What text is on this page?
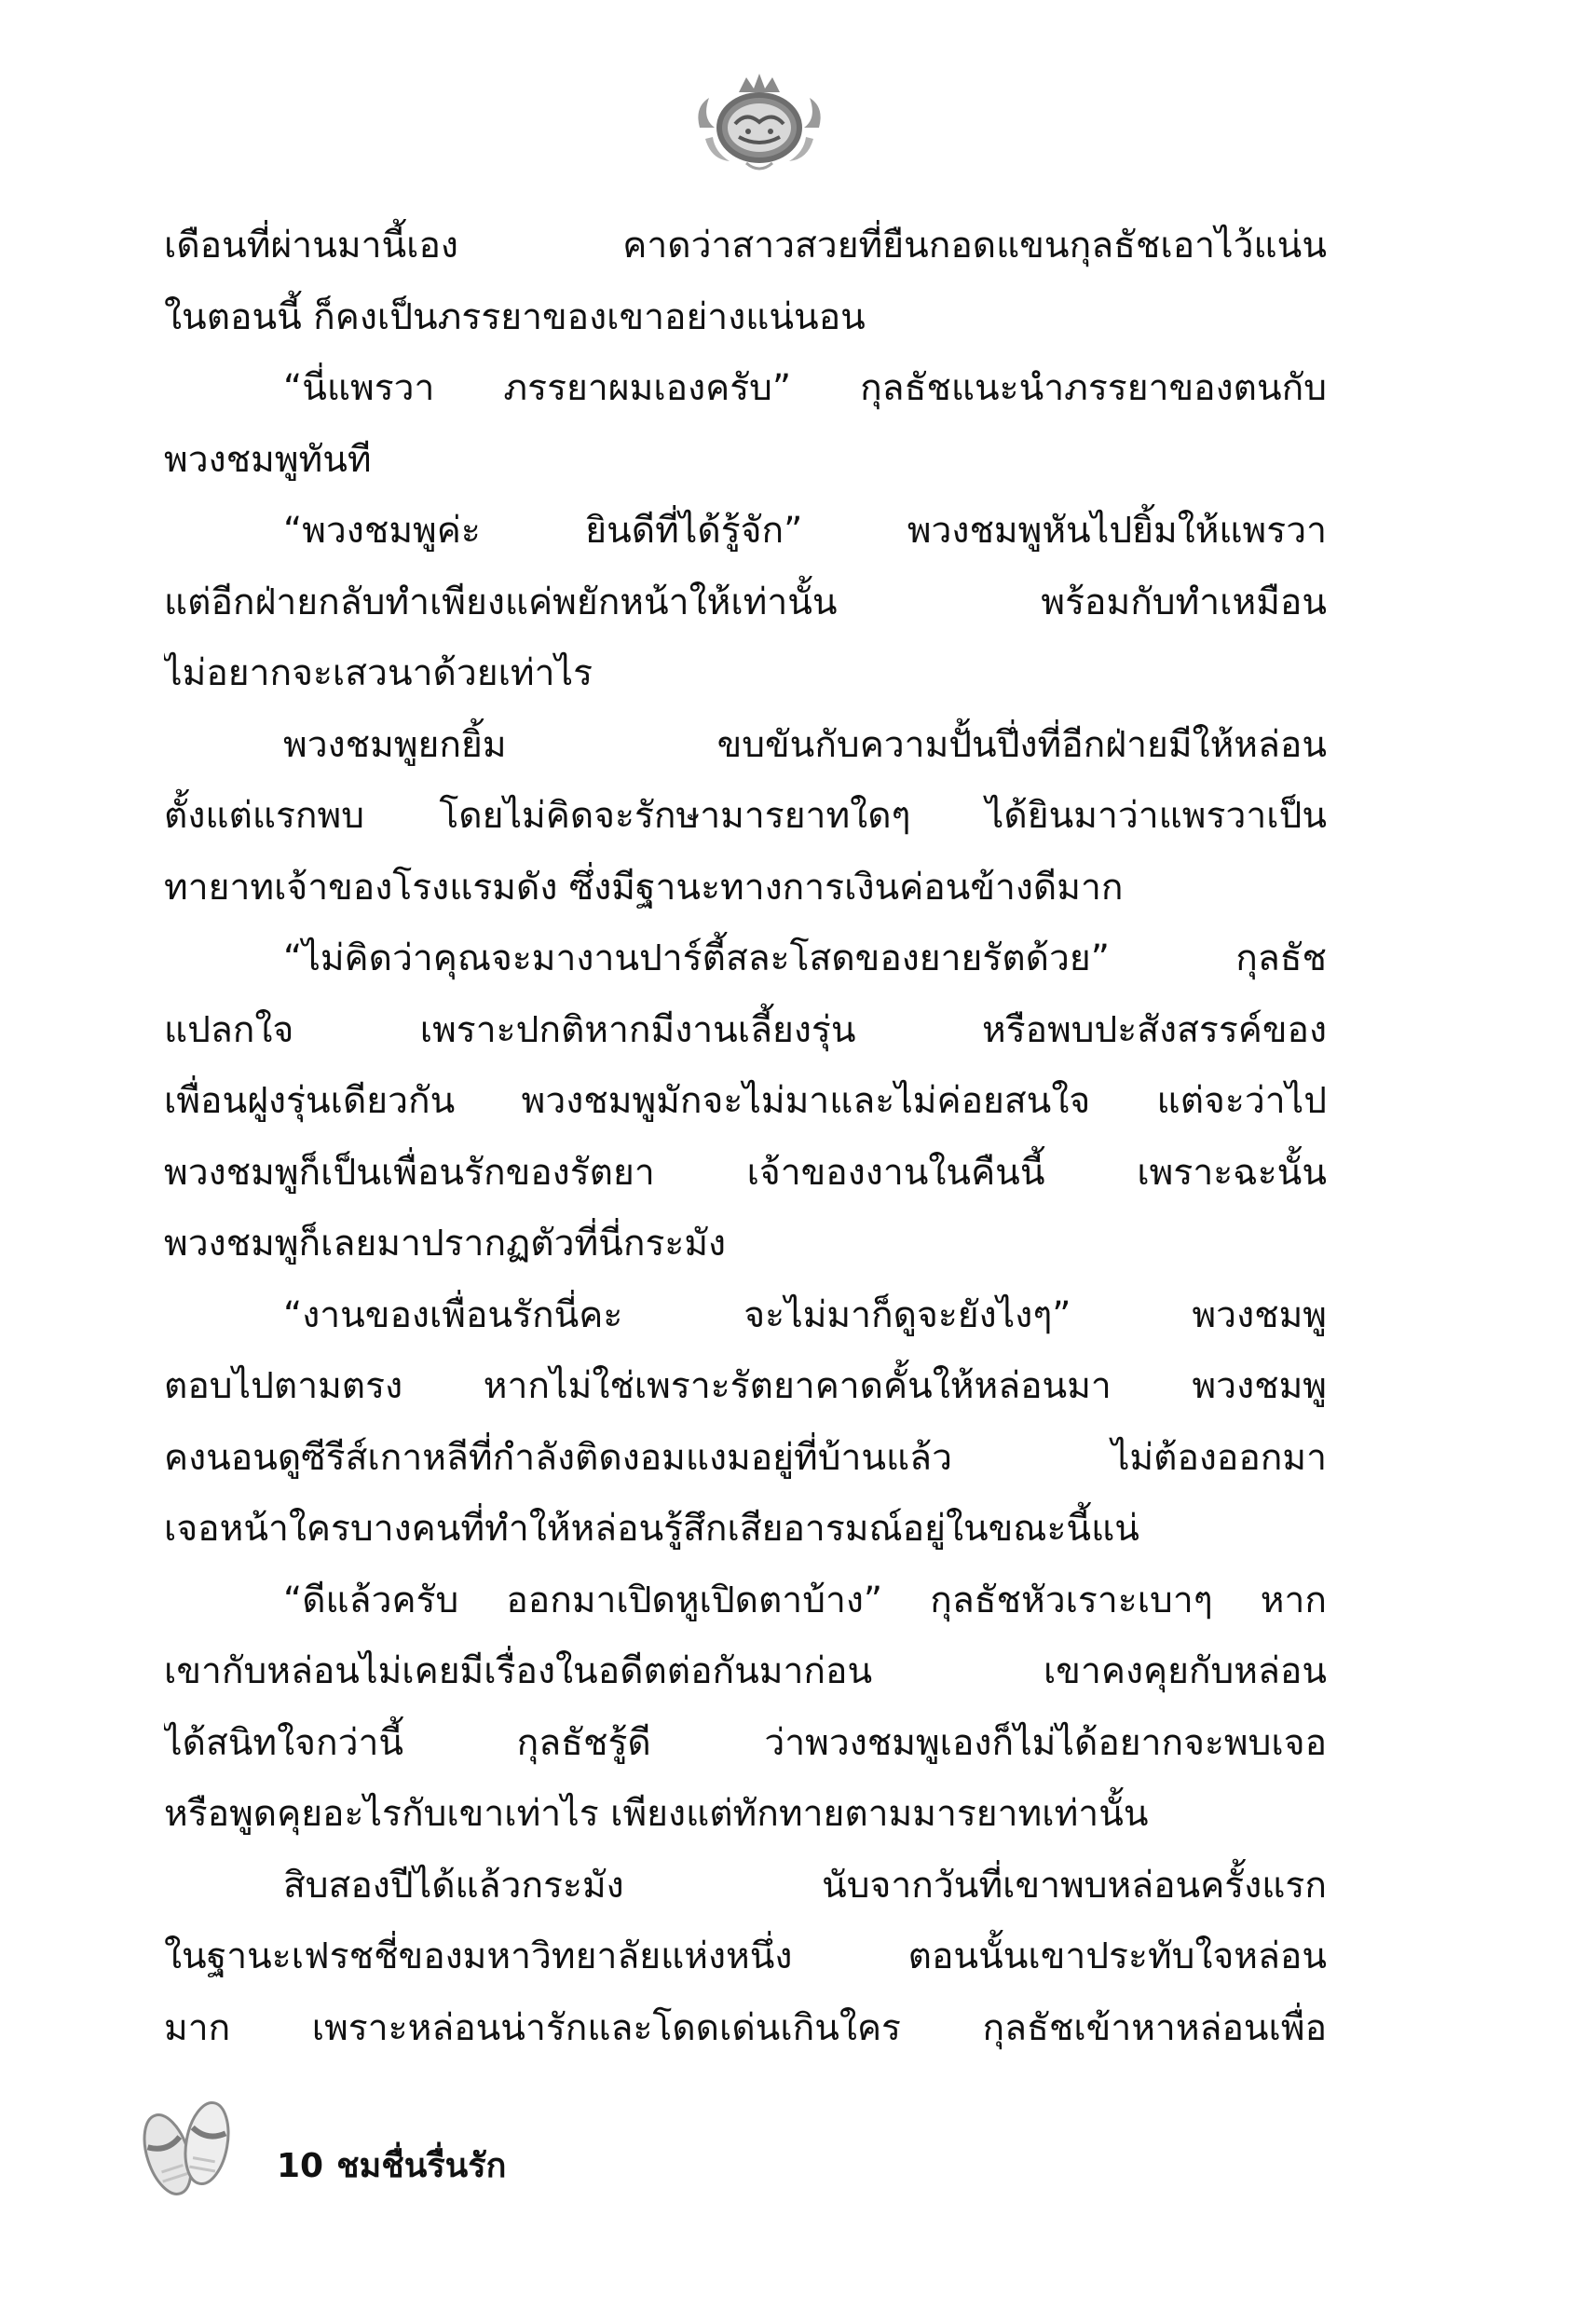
เดือนที่ผ่านมานี้เอง คาดว่าสาวสวยที่ยืนกอดแขนกุลธัชเอาไว้แน่น
ในตอนนี้ ก็คงเป็นภรรยาของเขาอย่างแน่นอน
“นี่แพรวา ภรรยาผมเองครับ” กุลธัชแนะนำภรรยาของตนกับ
พวงชมพูทันที
“พวงชมพูค่ะ ยินดีที่ได้รู้จัก” พวงชมพูหันไปยิ้มให้แพรวา
แต่อีกฝ่ายกลับทำเพียงแค่พยักหน้าให้เท่านั้น พร้อมกับทำเหมือน
ไม่อยากจะเสวนาด้วยเท่าไร
พวงชมพูยกยิ้ม ขบขันกับความปั้นปึ่งที่อีกฝ่ายมีให้หล่อน
ตั้งแต่แรกพบ โดยไม่คิดจะรักษามารยาทใดๆ ได้ยินมาว่าแพรวาเป็น
ทายาทเจ้าของโรงแรมดัง ซึ่งมีฐานะทางการเงินค่อนข้างดีมาก
“ไม่คิดว่าคุณจะมางานปาร์ตี้สละโสดของยายรัตด้วย” กุลธัช
แปลกใจ เพราะปกติหากมีงานเลี้ยงรุ่น หรือพบปะสังสรรค์ของ
เพื่อนฝูงรุ่นเดียวกัน พวงชมพูมักจะไม่มาและไม่ค่อยสนใจ แต่จะว่าไป
พวงชมพูก็เป็นเพื่อนรักของรัตยา เจ้าของงานในคืนนี้ เพราะฉะนั้น
พวงชมพูก็เลยมาปรากฏตัวที่นี่กระมัง
“งานของเพื่อนรักนี่คะ จะไม่มาก็ดูจะยังไงๆ” พวงชมพู
ตอบไปตามตรง หากไม่ใช่เพราะรัตยาคาดคั้นให้หล่อนมา พวงชมพู
คงนอนดูซีรีส์เกาหลีที่กำลังติดงอมแงมอยู่ที่บ้านแล้ว ไม่ต้องออกมา
เจอหน้าใครบางคนที่ทำให้หล่อนรู้สึกเสียอารมณ์อยู่ในขณะนี้แน่
“ดีแล้วครับ ออกมาเปิดหูเปิดตาบ้าง” กุลธัชหัวเราะเบาๆ หาก
เขากับหล่อนไม่เคยมีเรื่องในอดีตต่อกันมาก่อน เขาคงคุยกับหล่อน
ได้สนิทใจกว่านี้ กุลธัชรู้ดี ว่าพวงชมพูเองก็ไม่ได้อยากจะพบเจอ
หรือพูดคุยอะไรกับเขาเท่าไร เพียงแต่ทักทายตามมารยาทเท่านั้น
สิบสองปีได้แล้วกระมัง นับจากวันที่เขาพบหล่อนครั้งแรก
ในฐานะเฟรชชี่ของมหาวิทยาลัยแห่งหนึ่ง ตอนนั้นเขาประทับใจหล่อน
มาก เพราะหล่อนน่ารักและโดดเด่นเกินใคร กุลธัชเข้าหาหล่อนเพื่อ
10 ชมชื่นรื่นรัก
